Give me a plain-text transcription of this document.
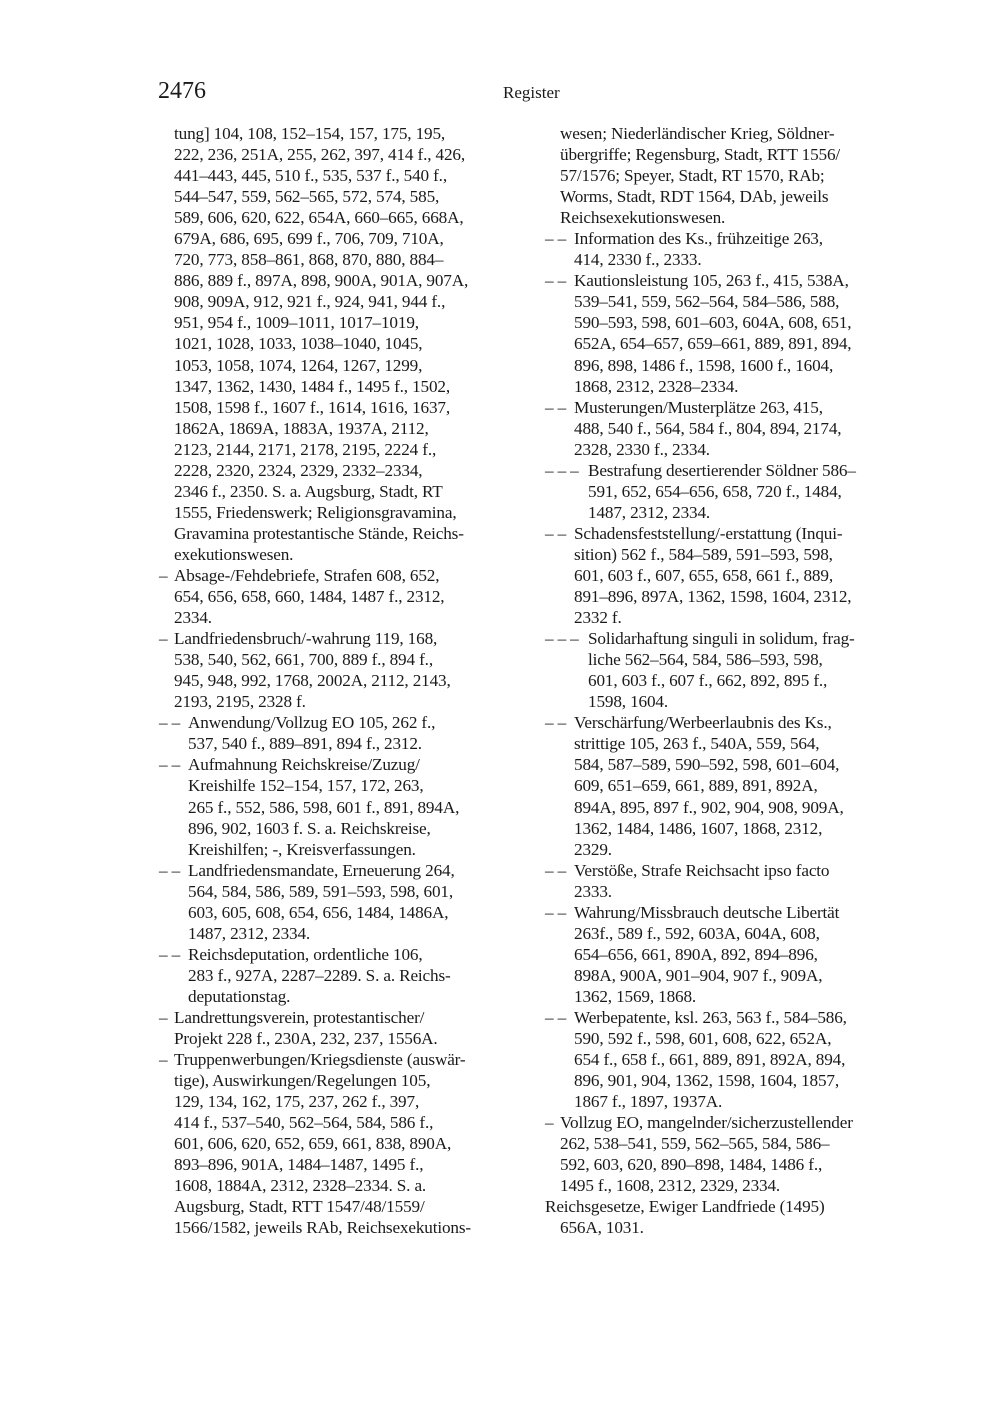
2476	Register
tung] 104, 108, 152–154, 157, 175, 195,
222, 236, 251A, 255, 262, 397, 414 f., 426,
441–443, 445, 510 f., 535, 537 f., 540 f.,
544–547, 559, 562–565, 572, 574, 585,
589, 606, 620, 622, 654A, 660–665, 668A,
679A, 686, 695, 699 f., 706, 709, 710A,
720, 773, 858–861, 868, 870, 880, 884–
886, 889 f., 897A, 898, 900A, 901A, 907A,
908, 909A, 912, 921 f., 924, 941, 944 f.,
951, 954 f., 1009–1011, 1017–1019,
1021, 1028, 1033, 1038–1040, 1045,
1053, 1058, 1074, 1264, 1267, 1299,
1347, 1362, 1430, 1484 f., 1495 f., 1502,
1508, 1598 f., 1607 f., 1614, 1616, 1637,
1862A, 1869A, 1883A, 1937A, 2112,
2123, 2144, 2171, 2178, 2195, 2224 f.,
2228, 2320, 2324, 2329, 2332–2334,
2346 f., 2350. S. a. Augsburg, Stadt, RT
1555, Friedenswerk; Religionsgravamina,
Gravamina protestantische Stände, Reichs-
exekutionswesen.
– Absage-/Fehdebriefe, Strafen 608, 652,
654, 656, 658, 660, 1484, 1487 f., 2312,
2334.
– Landfriedensbruch/-wahrung 119, 168,
538, 540, 562, 661, 700, 889 f., 894 f.,
945, 948, 992, 1768, 2002A, 2112, 2143,
2193, 2195, 2328 f.
– – Anwendung/Vollzug EO 105, 262 f.,
537, 540 f., 889–891, 894 f., 2312.
– – Aufmahnung Reichskreise/Zuzug/
Kreishilfe 152–154, 157, 172, 263,
265 f., 552, 586, 598, 601 f., 891, 894A,
896, 902, 1603 f. S. a. Reichskreise,
Kreishilfen; -, Kreisverfassungen.
– – Landfriedensmandate, Erneuerung 264,
564, 584, 586, 589, 591–593, 598, 601,
603, 605, 608, 654, 656, 1484, 1486A,
1487, 2312, 2334.
– – Reichsdeputation, ordentliche 106,
283 f., 927A, 2287–2289. S. a. Reichs-
deputationstag.
– Landrettungsverein, protestantischer/
Projekt 228 f., 230A, 232, 237, 1556A.
– Truppenwerbungen/Kriegsdienste (auswär-
tige), Auswirkungen/Regelungen 105,
129, 134, 162, 175, 237, 262 f., 397,
414 f., 537–540, 562–564, 584, 586 f.,
601, 606, 620, 652, 659, 661, 838, 890A,
893–896, 901A, 1484–1487, 1495 f.,
1608, 1884A, 2312, 2328–2334. S. a.
Augsburg, Stadt, RTT 1547/48/1559/
1566/1582, jeweils RAb, Reichsexekutions-
wesen; Niederländischer Krieg, Söldner-
übergriffe; Regensburg, Stadt, RTT 1556/
57/1576; Speyer, Stadt, RT 1570, RAb;
Worms, Stadt, RDT 1564, DAb, jeweils
Reichsexekutionswesen.
– – Information des Ks., frühzeitige 263,
414, 2330 f., 2333.
– – Kautionsleistung 105, 263 f., 415, 538A,
539–541, 559, 562–564, 584–586, 588,
590–593, 598, 601–603, 604A, 608, 651,
652A, 654–657, 659–661, 889, 891, 894,
896, 898, 1486 f., 1598, 1600 f., 1604,
1868, 2312, 2328–2334.
– – Musterungen/Musterplätze 263, 415,
488, 540 f., 564, 584 f., 804, 894, 2174,
2328, 2330 f., 2334.
– – – Bestrafung desertierender Söldner 586–
591, 652, 654–656, 658, 720 f., 1484,
1487, 2312, 2334.
– – Schadensfeststellung/-erstattung (Inqui-
sition) 562 f., 584–589, 591–593, 598,
601, 603 f., 607, 655, 658, 661 f., 889,
891–896, 897A, 1362, 1598, 1604, 2312,
2332 f.
– – – Solidarhaftung singuli in solidum, frag-
liche 562–564, 584, 586–593, 598,
601, 603 f., 607 f., 662, 892, 895 f.,
1598, 1604.
– – Verschärfung/Werbeerlaubnis des Ks.,
strittige 105, 263 f., 540A, 559, 564,
584, 587–589, 590–592, 598, 601–604,
609, 651–659, 661, 889, 891, 892A,
894A, 895, 897 f., 902, 904, 908, 909A,
1362, 1484, 1486, 1607, 1868, 2312,
2329.
– – Verstöße, Strafe Reichsacht ipso facto
2333.
– – Wahrung/Missbrauch deutsche Libertät
263f., 589 f., 592, 603A, 604A, 608,
654–656, 661, 890A, 892, 894–896,
898A, 900A, 901–904, 907 f., 909A,
1362, 1569, 1868.
– – Werbepatente, ksl. 263, 563 f., 584–586,
590, 592 f., 598, 601, 608, 622, 652A,
654 f., 658 f., 661, 889, 891, 892A, 894,
896, 901, 904, 1362, 1598, 1604, 1857,
1867 f., 1897, 1937A.
– Vollzug EO, mangelnder/sicherzustellender
262, 538–541, 559, 562–565, 584, 586–
592, 603, 620, 890–898, 1484, 1486 f.,
1495 f., 1608, 2312, 2329, 2334.
Reichsgesetze, Ewiger Landfriede (1495)
656A, 1031.
